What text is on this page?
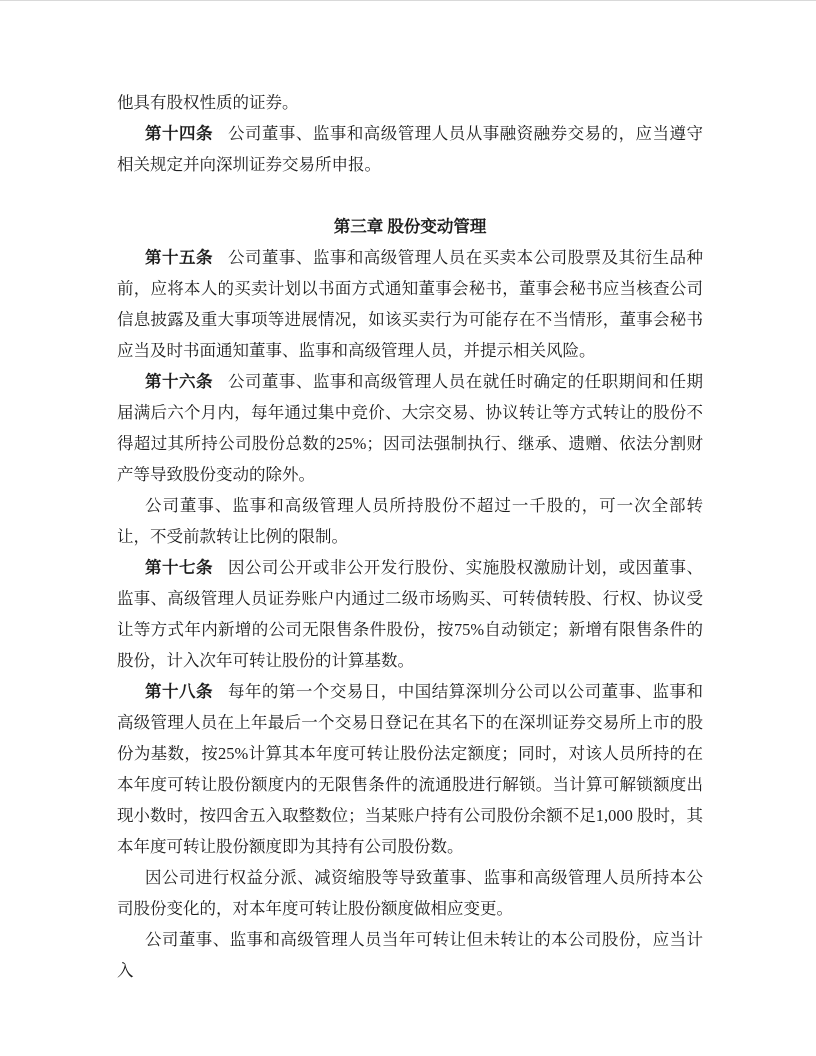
他具有股权性质的证券。

第十四条 公司董事、监事和高级管理人员从事融资融券交易的，应当遵守相关规定并向深圳证券交易所申报。

第三章 股份变动管理

第十五条 公司董事、监事和高级管理人员在买卖本公司股票及其衍生品种前，应将本人的买卖计划以书面方式通知董事会秘书，董事会秘书应当核查公司信息披露及重大事项等进展情况，如该买卖行为可能存在不当情形，董事会秘书应当及时书面通知董事、监事和高级管理人员，并提示相关风险。

第十六条 公司董事、监事和高级管理人员在就任时确定的任职期间和任期届满后六个月内，每年通过集中竞价、大宗交易、协议转让等方式转让的股份不得超过其所持公司股份总数的25%；因司法强制执行、继承、遗赠、依法分割财产等导致股份变动的除外。

公司董事、监事和高级管理人员所持股份不超过一千股的，可一次全部转让，不受前款转让比例的限制。

第十七条 因公司公开或非公开发行股份、实施股权激励计划，或因董事、监事、高级管理人员证券账户内通过二级市场购买、可转债转股、行权、协议受让等方式年内新增的公司无限售条件股份，按75%自动锁定；新增有限售条件的股份，计入次年可转让股份的计算基数。

第十八条 每年的第一个交易日，中国结算深圳分公司以公司董事、监事和高级管理人员在上年最后一个交易日登记在其名下的在深圳证券交易所上市的股份为基数，按25%计算其本年度可转让股份法定额度；同时，对该人员所持的在本年度可转让股份额度内的无限售条件的流通股进行解锁。当计算可解锁额度出现小数时，按四舍五入取整数位；当某账户持有公司股份余额不足1,000 股时，其本年度可转让股份额度即为其持有公司股份数。

因公司进行权益分派、减资缩股等导致董事、监事和高级管理人员所持本公司股份变化的，对本年度可转让股份额度做相应变更。

公司董事、监事和高级管理人员当年可转让但未转让的本公司股份，应当计入
